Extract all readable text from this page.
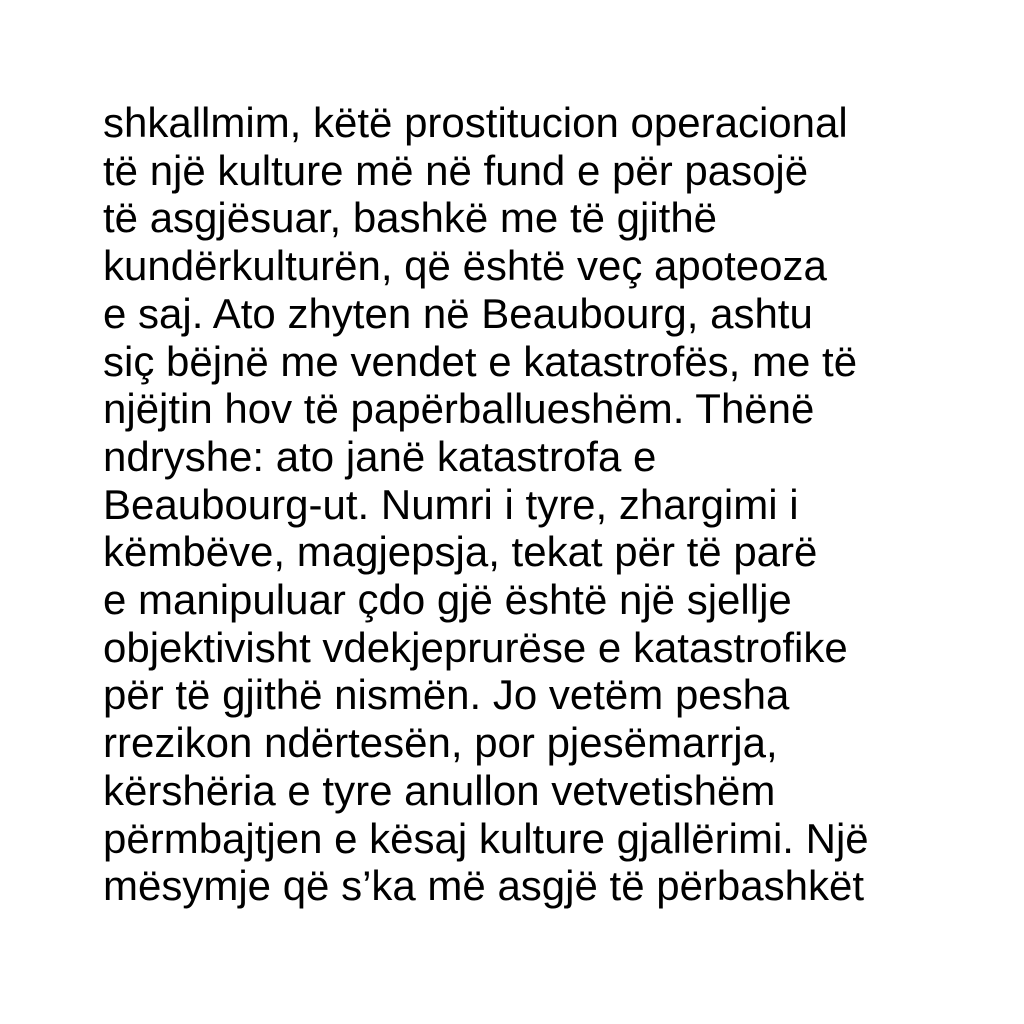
shkallmim, këtë prostitucion operacional
të një kulture më në fund e për pasojë
të asgjësuar, bashkë me të gjithë
kundërkulturën, që është veç apoteoza
e saj. Ato zhyten në Beaubourg, ashtu
siç bëjnë me vendet e katastrofës, me të
njëjtin hov të papërballueshëm. Thënë
ndryshe: ato janë katastrofa e
Beaubourg-ut. Numri i tyre, zhargimi i
këmbëve, magjepsja, tekat për të parë
e manipuluar çdo gjë është një sjellje
objektivisht vdekjeprurëse e katastrofike
për të gjithë nismën. Jo vetëm pesha
rrezikon ndërtesën, por pjesëmarrja,
kërshëria e tyre anullon vetvetishëm
përmbajtjen e kësaj kulture gjallërimi. Një
mësymje që s’ka më asgjë të përbashkët
